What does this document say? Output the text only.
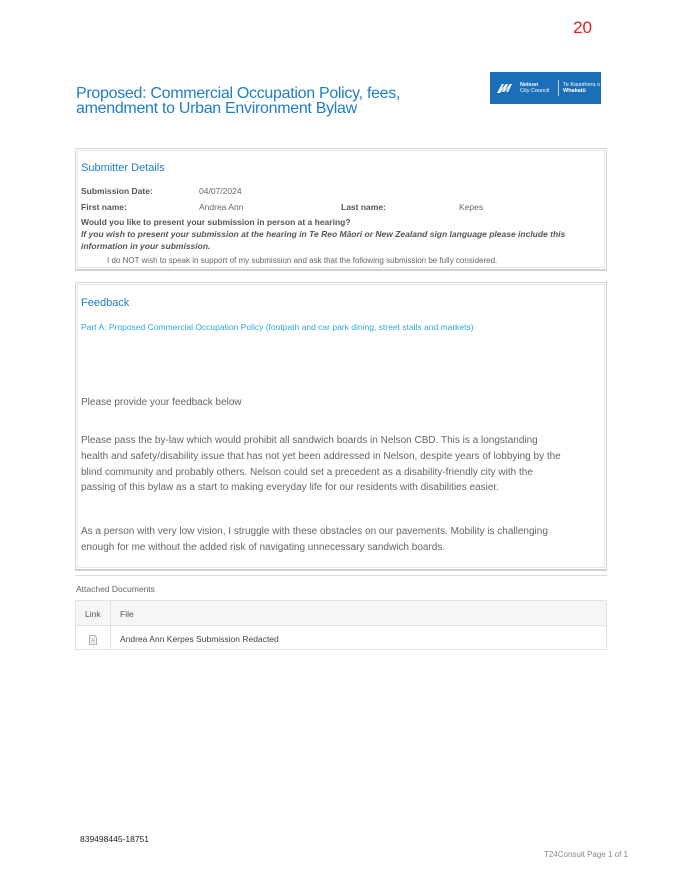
20
Proposed: Commercial Occupation Policy, fees, amendment to Urban Environment Bylaw
Nelson
City Council
Te Kaunihera o
Whakatū
Submitter Details
Submission Date:	04/07/2024
First name:	Andrea Ann	Last name:	Kepes
Would you like to present your submission in person at a hearing?
If you wish to present your submission at the hearing in Te Reo Māori or New Zealand sign language please include this information in your submission.
I do NOT wish to speak in support of my submission and ask that the following submission be fully considered.
Feedback
Part A: Proposed Commercial Occupation Policy (footpath and car park dining, street stalls and markets)
Please provide your feedback below
Please pass the by-law which would prohibit all sandwich boards in Nelson CBD. This is a longstanding health and safety/disability issue that has not yet been addressed in Nelson, despite years of lobbying by the blind community and probably others. Nelson could set a precedent as a disability-friendly city with the passing of this bylaw as a start to making everyday life for our residents with disabilities easier.
As a person with very low vision, I struggle with these obstacles on our pavements. Mobility is challenging enough for me without the added risk of navigating unnecessary sandwich boards.
Attached Documents
Link File
Andrea Ann Kerpes Submission Redacted
839498445-18751
T24Consult Page 1 of 1
